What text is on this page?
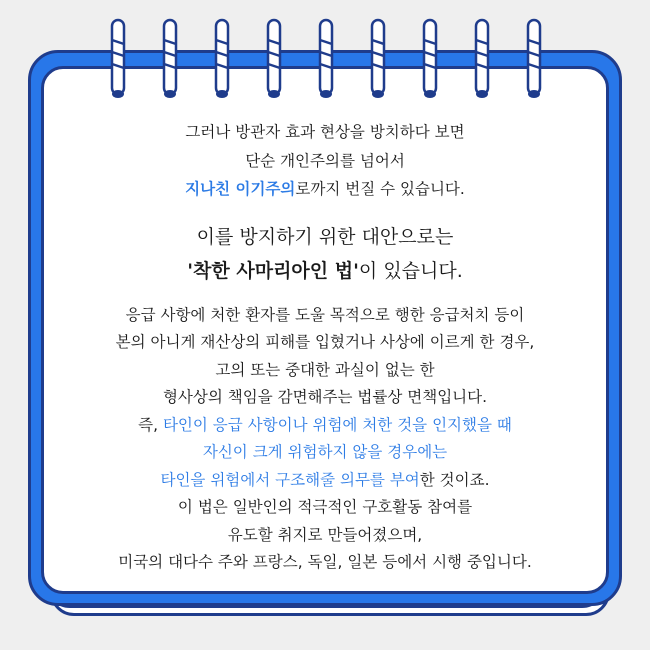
그러나 방관자 효과 현상을 방치하다 보면
단순 개인주의를 넘어서
지나친 이기주의로까지 번질 수 있습니다.

이를 방지하기 위한 대안으로는
'착한 사마리아인 법'이 있습니다.

응급 사항에 처한 환자를 도울 목적으로 행한 응급처치 등이
본의 아니게 재산상의 피해를 입혔거나 사상에 이르게 한 경우,
고의 또는 중대한 과실이 없는 한
형사상의 책임을 감면해주는 법률상 면책입니다.
즉, 타인이 응급 사항이나 위험에 처한 것을 인지했을 때
자신이 크게 위험하지 않을 경우에는
타인을 위험에서 구조해줄 의무를 부여한 것이죠.
이 법은 일반인의 적극적인 구호활동 참여를
유도할 취지로 만들어졌으며,
미국의 대다수 주와 프랑스, 독일, 일본 등에서 시행 중입니다.
